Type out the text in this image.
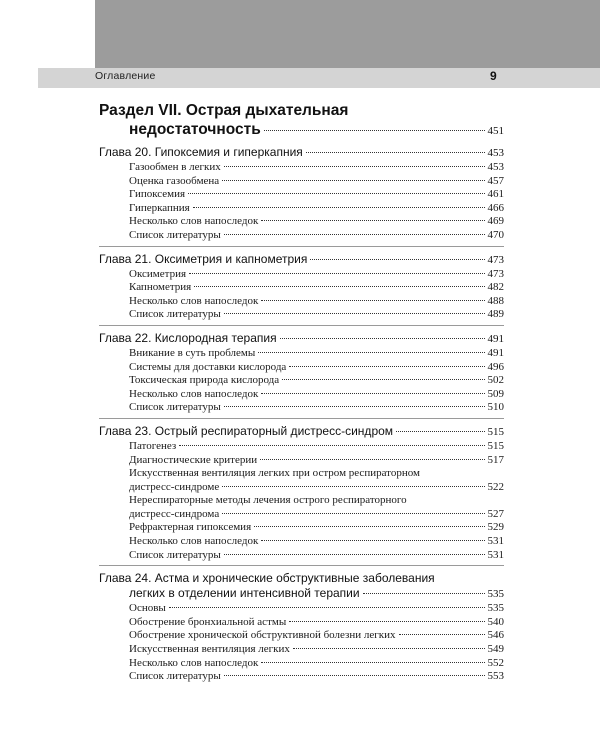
Оглавление	9
Раздел VII. Острая дыхательная
недостаточность	451
Глава 20. Гипоксемия и гиперкапния	453
Газообмен в легких	453
Оценка газообмена	457
Гипоксемия	461
Гиперкапния	466
Несколько слов напоследок	469
Список литературы	470
Глава 21. Оксиметрия и капнометрия	473
Оксиметрия	473
Капнометрия	482
Несколько слов напоследок	488
Список литературы	489
Глава 22. Кислородная терапия	491
Вникание в суть проблемы	491
Системы для доставки кислорода	496
Токсическая природа кислорода	502
Несколько слов напоследок	509
Список литературы	510
Глава 23. Острый респираторный дистресс-синдром	515
Патогенез	515
Диагностические критерии	517
Искусственная вентиляция легких при остром респираторном
дистресс-синдроме	522
Нереспираторные методы лечения острого респираторного
дистресс-синдрома	527
Рефрактерная гипоксемия	529
Несколько слов напоследок	531
Список литературы	531
Глава 24. Астма и хронические обструктивные заболевания
легких в отделении интенсивной терапии	535
Основы	535
Обострение бронхиальной астмы	540
Обострение хронической обструктивной болезни легких	546
Искусственная вентиляция легких	549
Несколько слов напоследок	552
Список литературы	553
